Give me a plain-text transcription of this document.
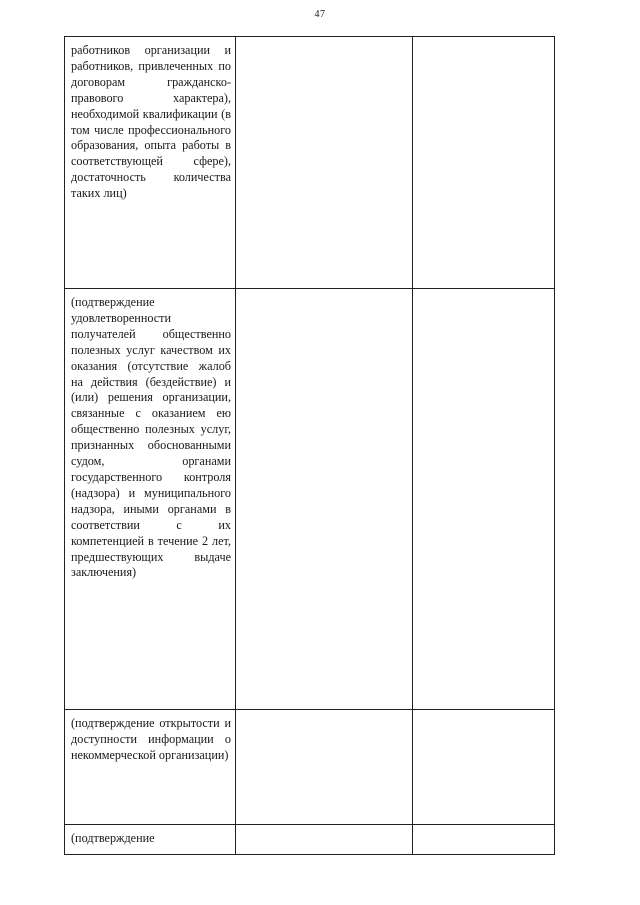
47
работников организации и работников, привлеченных по договорам гражданско-правового характера), необходимой квалификации (в том числе профессионального образования, опыта работы в соответствующей сфере), достаточность количества таких лиц)		

(подтверждение удовлетворенности получателей общественно полезных услуг качеством их оказания (отсутствие жалоб на действия (бездействие) и (или) решения организации, связанные с оказанием ею общественно полезных услуг, признанных обоснованными судом, органами государственного контроля (надзора) и муниципального надзора, иными органами в соответствии с их компетенцией в течение 2 лет, предшествующих выдаче заключения)		

(подтверждение открытости и доступности информации о некоммерческой организации)		

(подтверждение		
